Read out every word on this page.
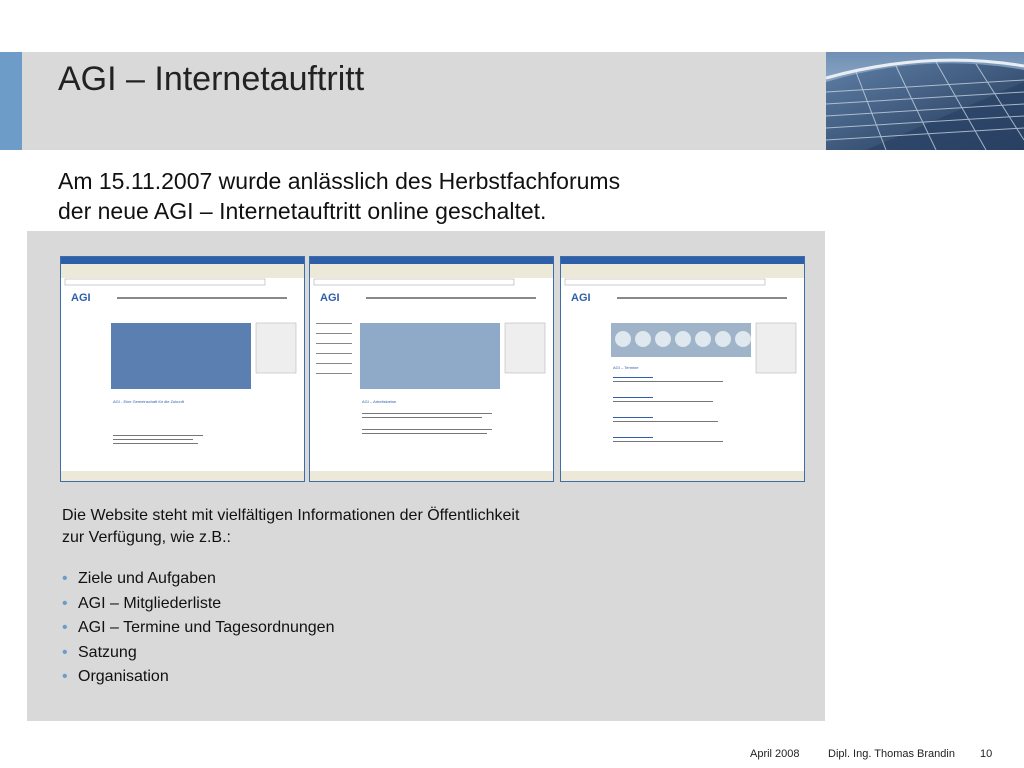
AGI – Internetauftritt
Am 15.11.2007 wurde anlässlich des Herbstfachforums
der neue AGI – Internetauftritt online geschaltet.
AGI
AGI - Eine Gemeinschaft für die Zukunft
AGI
AGI – Arbeitskreise
AGI
AGI – Termine
Die Website steht mit vielfältigen Informationen der Öffentlichkeit
zur Verfügung, wie z.B.:
• Ziele und Aufgaben
• AGI – Mitgliederliste
• AGI – Termine und Tagesordnungen
• Satzung
• Organisation
April 2008	Dipl. Ing. Thomas Brandin 10
